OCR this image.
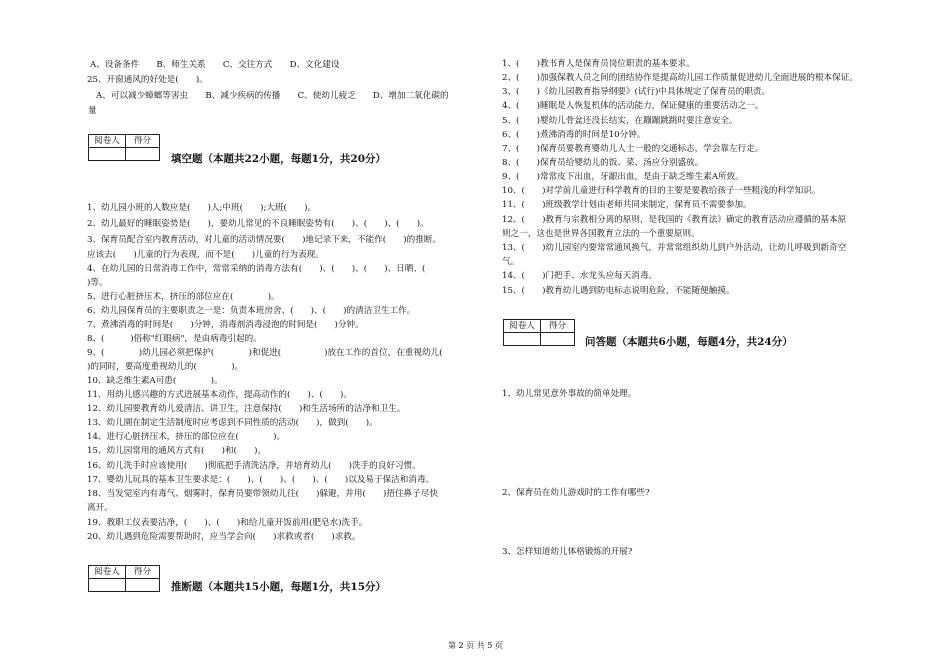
A、设备条件　　B、师生关系　　C、交往方式　　D、文化建设
25、开窗通风的好处是(　　)。
A、可以减少蟑螂等害虫　　B、减少疾病的传播　　C、使幼儿疲乏　　D、增加二氧化碳的
量
阅卷人	得分
填空题（本题共22小题，每题1分，共20分）
1、幼儿园小班的人数应是(　　)人;中班(　　);大班(　　)。
2、幼儿最好的睡眠姿势是(　　)，要幼儿常见的不良睡眠姿势有(　　)、(　　)、(　　)。
3、保育员配合室内教育活动，对儿童的活动情况要(　　)地记录下来，不能作(　　)的推断。
应该去(　　)儿童的行为表现，而不是(　　)儿童的行为表现。
4、在幼儿园的日常消毒工作中，常常采纳的消毒方法有(　　)、(　　)、(　　)、日晒、(　　
)等。
5、进行心脏挤压术，挤压的部位应在(　　　　)。
6、幼儿园保育员的主要职责之一是：负责本班房舍、(　　)、(　　)的清洁卫生工作。
7、煮沸消毒的时间是(　　)分钟，消毒剂消毒浸泡的时间是(　　)分钟。
8、(　　　)俗称"红眼病"，是由病毒引起的。
9、(　　　　)幼儿园必须把保护(　　　　)和促进(　　　　　)放在工作的首位，在重视幼儿(　　
)的同时，要高度重视幼儿的(　　　　)。
10、缺乏维生素A可患(　　　　)。
11、用幼儿感兴趣的方式进展基本动作，提高动作的(　　)、(　　)。
12、幼儿园要教育幼儿爱清洁、讲卫生，注意保持(　　)和生活场所的洁净和卫生。
13、幼儿園在制定生活制度时应考虑到不同性质的活动(　　)，做到(　　)。
14、进行心脏挤压术，挤压的部位应在(　　　　)。
15、幼儿园常用的通风方式有(　　)和(　　)。
16、幼儿洗手时应该使用(　　)彻底把手清洗洁净，并培育幼儿(　　)洗手的良好习惯。
17、婴幼儿玩具的基本卫生要求是：(　　)、(　　)、(　　)、(　　)以及易于保洁和消毒。
18、当发觉室内有毒气、烟雾时，保育员要带领幼儿往(　　)躲避，并用(　　)捂住鼻子尽快
离开。
19、教职工仪表要洁净，(　　)、(　　)和给儿童开饭前用(肥皂水)洗手。
20、幼儿遇到危险需要帮助时，应当学会向(　　)求救或者(　　)求救。
阅卷人	得分
推断题（本题共15小题，每题1分，共15分）
1、(　　)教书育人是保育员岗位职责的基本要求。
2、(　　)加强保教人员之间的团结协作是提高幼儿园工作质量促进幼儿全面进展的根本保证。
3、(　　)《幼儿园教育指导纲要》(试行)中具体规定了保育员的职责。
4、(　　)睡眠是人恢复机体的活动能力，保证健康的重要活动之一。
5、(　　)婴幼儿骨盆还没长结实，在蹦蹦跳跳时要注意安全。
6、(　　)煮沸消毒的时间是10分钟。
7、(　　)保育员要教育婴幼儿人士一般的交通标志，学会靠左行走。
8、(　　)保育员给婴幼儿的饭、菜、汤应分别盛放。
9、(　　)常常皮下出血，牙龈出血，是由于缺乏维生素A所致。
10、(　　)对学前儿童进行科学教育的目的主要是要教给孩子一些粗浅的科学知识。
11、(　　)班级教学计划由老师共同来制定，保育员不需要参加。
12、(　　)教育与宗教相分离的原则，是我国的《教育法》确定的教育活动应遵循的基本原
则之一，这也是世界各国教育立法的一个重要原则。
13、(　　)幼儿园室内要常常通风换气，并常常组织幼儿到户外活动，让幼儿呼吸到新奇空
气。
14、(　　)门把手、水龙头应每天消毒。
15、(　　)教育幼儿遇到防电标志说明危险，不能随便触摸。
阅卷人	得分
问答题（本题共6小题，每题4分，共24分）
1、幼儿常见意外事故的简单处理。
2、保育员在幼儿游戏时的工作有哪些?
3、怎样知道幼儿体格锻炼的开展?
第 2 页 共 5 页
